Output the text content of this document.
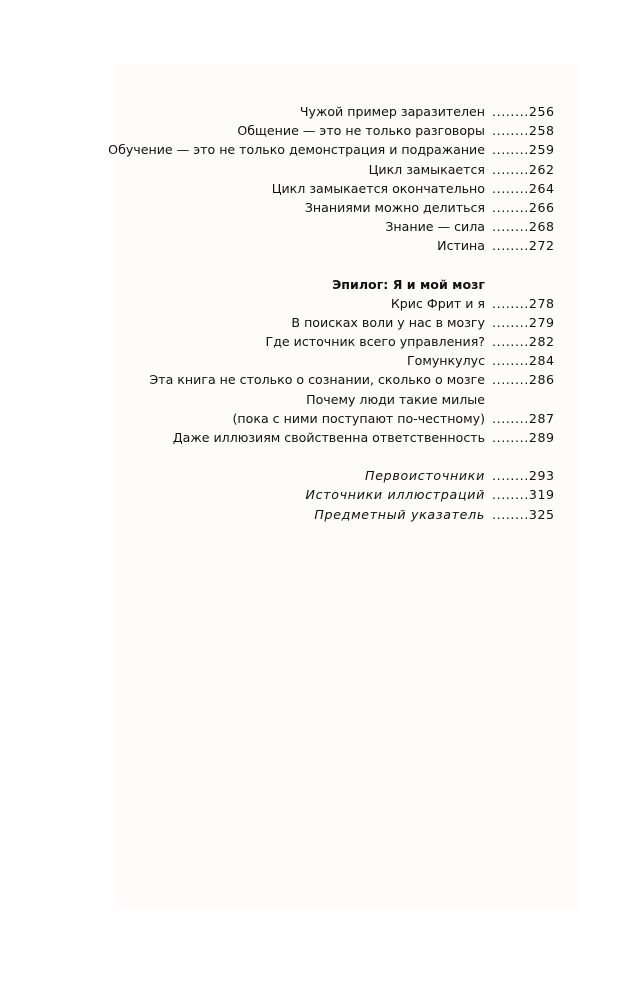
Чужой пример заразителен ........256
Общение — это не только разговоры ........258
Обучение — это не только демонстрация и подражание ........259
Цикл замыкается ........262
Цикл замыкается окончательно ........264
Знаниями можно делиться ........266
Знание — сила ........268
Истина ........272
Эпилог: Я и мой мозг
Крис Фрит и я ........278
В поисках воли у нас в мозгу ........279
Где источник всего управления? ........282
Гомункулус ........284
Эта книга не столько о сознании, сколько о мозге ........286
Почему люди такие милые
(пока с ними поступают по-честному) ........287
Даже иллюзиям свойственна ответственность ........289
Первоисточники ........293
Источники иллюстраций ........319
Предметный указатель ........325
